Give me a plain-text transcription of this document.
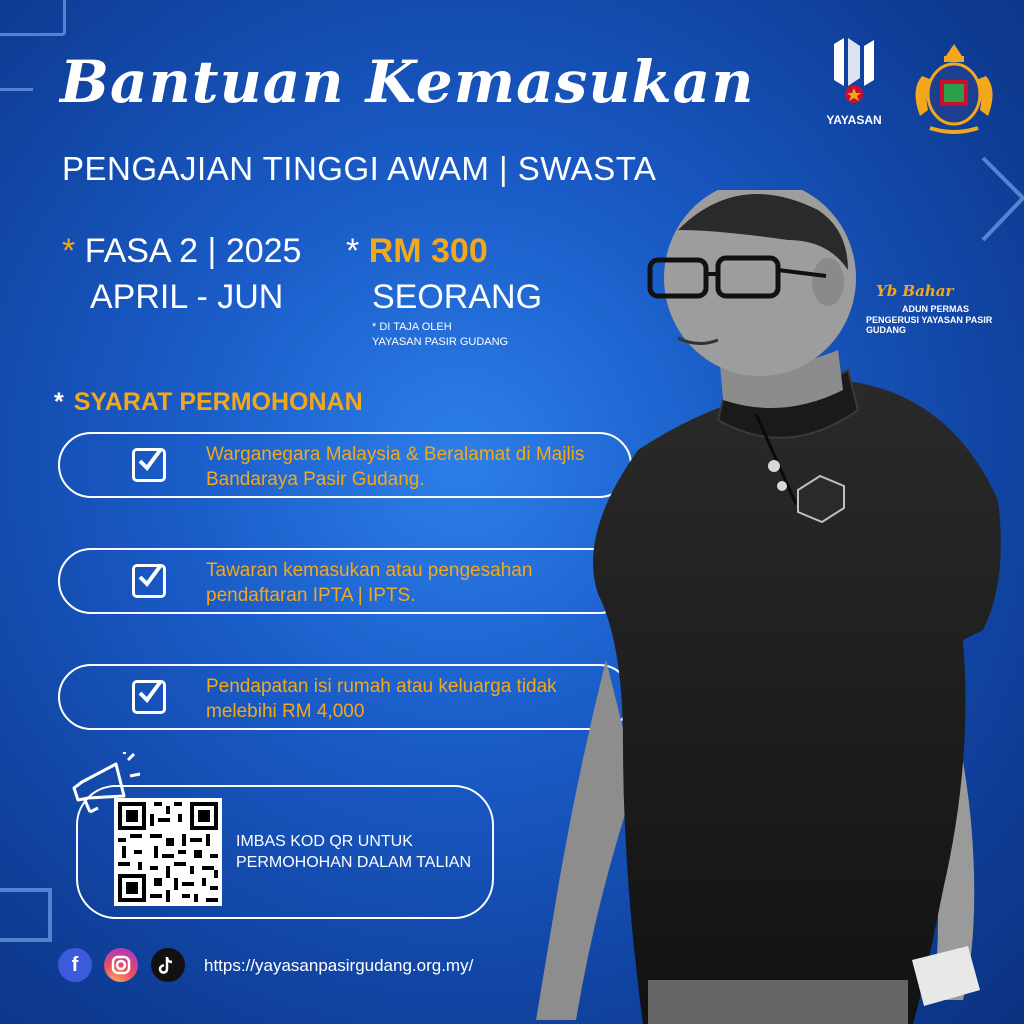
Bantuan Kemasukan
PENGAJIAN TINGGI AWAM | SWASTA
* FASA 2 | 2025
APRIL - JUN
* RM 300
SEORANG
* DI TAJA OLEH
YAYASAN PASIR GUDANG
* SYARAT PERMOHONAN
Warganegara Malaysia & Beralamat di Majlis Bandaraya Pasir Gudang.
Tawaran kemasukan atau pengesahan pendaftaran IPTA | IPTS.
Pendapatan isi rumah atau keluarga tidak melebihi RM 4,000
IMBAS KOD QR UNTUK
PERMOHOHAN DALAM TALIAN
f	https://yayasanpasirgudang.org.my/
YAYASAN
Yb Bahar
ADUN PERMAS
PENGERUSI YAYASAN PASIR GUDANG
